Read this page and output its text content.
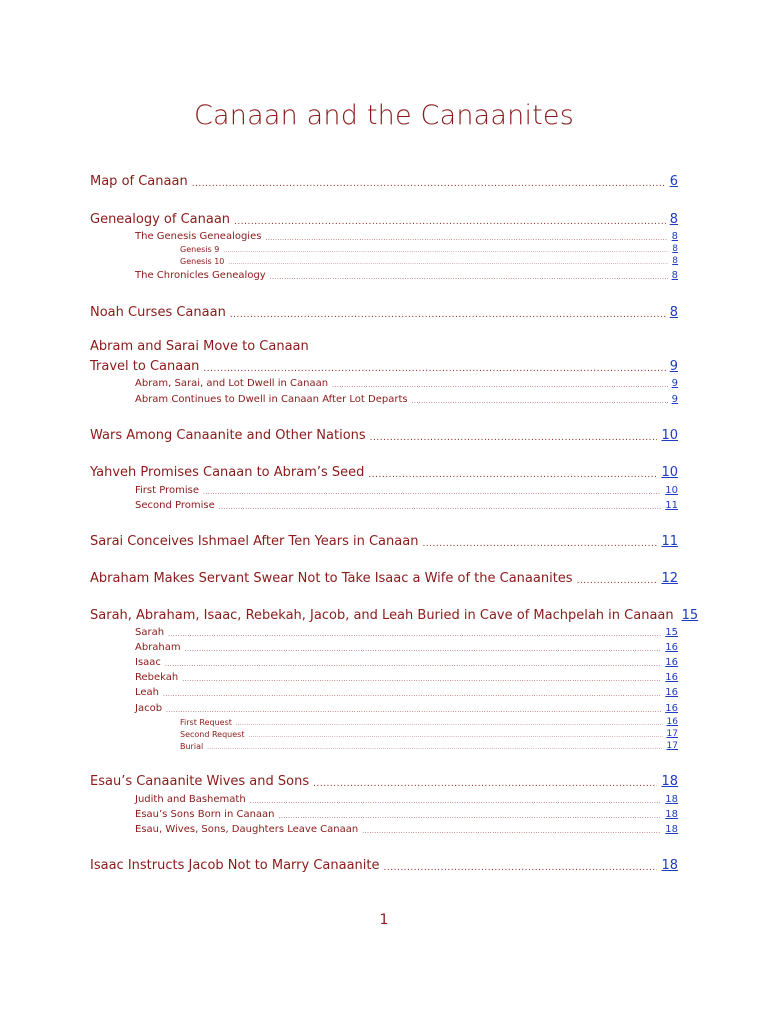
Canaan and the Canaanites
Map of Canaan .....	6
Genealogy of Canaan .....	8
The Genesis Genealogies .....	8
Genesis 9 .....	8
Genesis 10 .....	8
The Chronicles Genealogy .....	8
Noah Curses Canaan .....	8
Abram and Sarai Move to Canaan
Travel to Canaan .....	9
Abram, Sarai, and Lot Dwell in Canaan .....	9
Abram Continues to Dwell in Canaan After Lot Departs .....	9
Wars Among Canaanite and Other Nations .....	10
Yahveh Promises Canaan to Abram’s Seed .....	10
First Promise .....	10
Second Promise .....	11
Sarai Conceives Ishmael After Ten Years in Canaan .....	11
Abraham Makes Servant Swear Not to Take Isaac a Wife of the Canaanites .....	12
Sarah, Abraham, Isaac, Rebekah, Jacob, and Leah Buried in Cave of Machpelah in Canaan 15
Sarah .....	15
Abraham .....	16
Isaac .....	16
Rebekah .....	16
Leah .....	16
Jacob .....	16
First Request .....	16
Second Request .....	17
Burial .....	17
Esau’s Canaanite Wives and Sons .....	18
Judith and Bashemath .....	18
Esau’s Sons Born in Canaan .....	18
Esau, Wives, Sons, Daughters Leave Canaan .....	18
Isaac Instructs Jacob Not to Marry Canaanite .....	18
1
